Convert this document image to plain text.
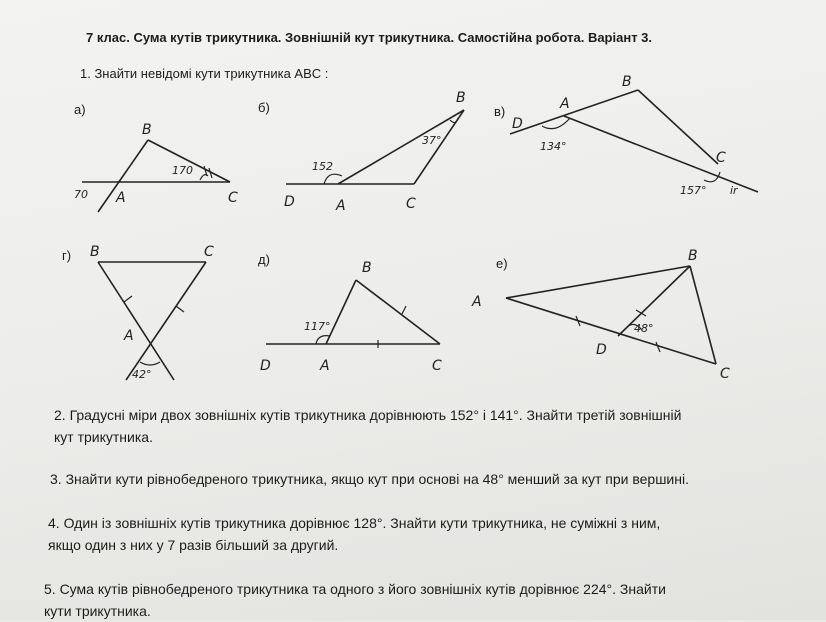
7 клас. Сума кутів трикутника. Зовнішній кут трикутника. Самостійна робота. Варіант 3.
1. Знайти невідомі кути трикутника ABC :
а)
B
A	C
170
70
б)
B
A	C
D
152
37°
в)
B
A
C
D
134°
157° ir
г) B
A
C
42°
д)
B
A	C
D
117°
е)	B
A
C
D
48°
2. Градусні міри двох зовнішніх кутів трикутника дорівнюють 152° і 141°. Знайти третій зовнішній
кут трикутника.
3. Знайти кути рівнобедреного трикутника, якщо кут при основі на 48° менший за кут при вершині.
4. Один із зовнішніх кутів трикутника дорівнює 128°. Знайти кути трикутника, не суміжні з ним,
якщо один з них у 7 разів більший за другий.
5. Сума кутів рівнобедреного трикутника та одного з його зовнішніх кутів дорівнює 224°. Знайти
кути трикутника.
